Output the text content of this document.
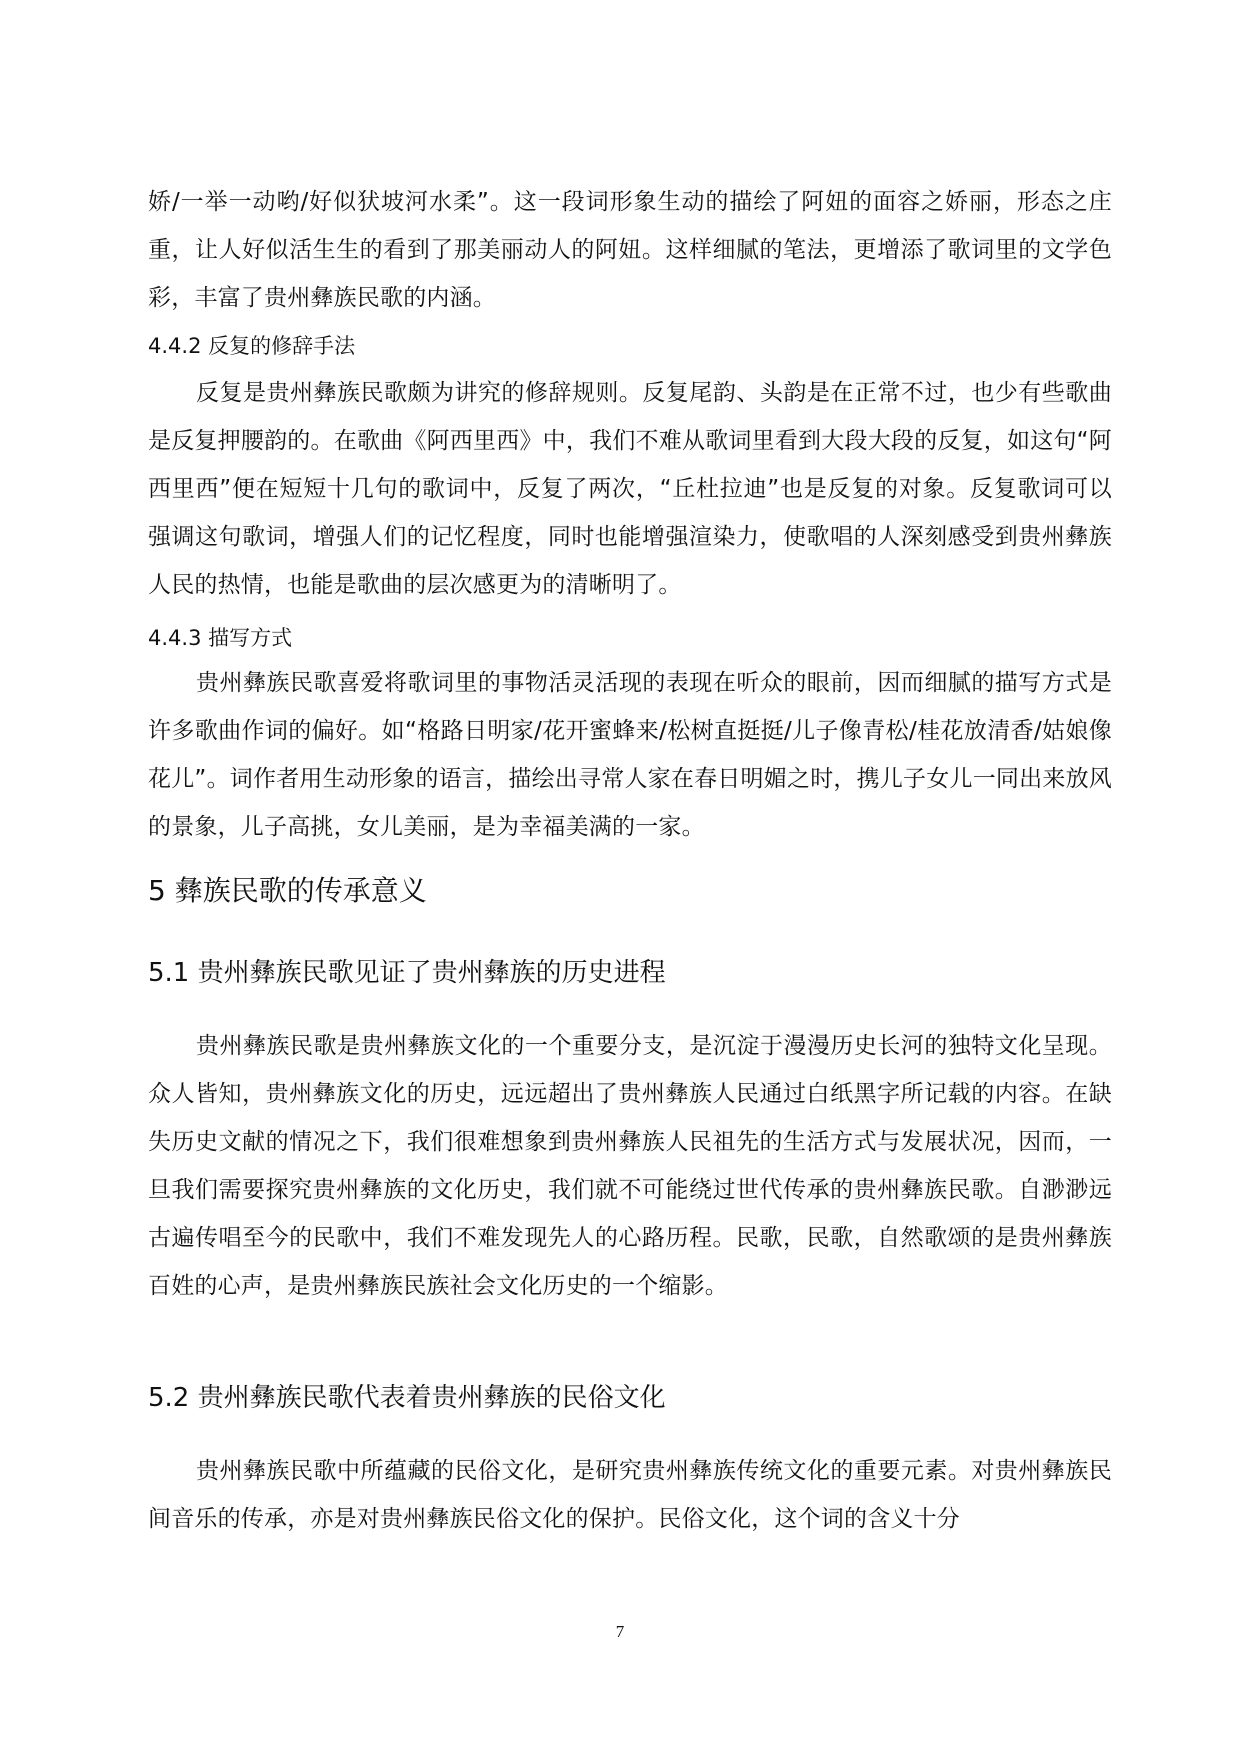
娇/一举一动哟/好似犾坡河水柔”。这一段词形象生动的描绘了阿妞的面容之娇丽，形态之庄重，让人好似活生生的看到了那美丽动人的阿妞。这样细腻的笔法，更增添了歌词里的文学色彩，丰富了贵州彝族民歌的内涵。

4.4.2 反复的修辞手法

反复是贵州彝族民歌颇为讲究的修辞规则。反复尾韵、头韵是在正常不过，也少有些歌曲是反复押腰韵的。在歌曲《阿西里西》中，我们不难从歌词里看到大段大段的反复，如这句“阿西里西”便在短短十几句的歌词中，反复了两次，“丘杜拉迪”也是反复的对象。反复歌词可以强调这句歌词，增强人们的记忆程度，同时也能增强渲染力，使歌唱的人深刻感受到贵州彝族人民的热情，也能是歌曲的层次感更为的清晰明了。

4.4.3 描写方式

贵州彝族民歌喜爱将歌词里的事物活灵活现的表现在听众的眼前，因而细腻的描写方式是许多歌曲作词的偏好。如“格路日明家/花开蜜蜂来/松树直挺挺/儿子像青松/桂花放清香/姑娘像花儿”。词作者用生动形象的语言，描绘出寻常人家在春日明媚之时，携儿子女儿一同出来放风的景象，儿子高挑，女儿美丽，是为幸福美满的一家。

5 彝族民歌的传承意义
5.1 贵州彝族民歌见证了贵州彝族的历史进程

贵州彝族民歌是贵州彝族文化的一个重要分支，是沉淀于漫漫历史长河的独特文化呈现。众人皆知，贵州彝族文化的历史，远远超出了贵州彝族人民通过白纸黑字所记载的内容。在缺失历史文献的情况之下，我们很难想象到贵州彝族人民祖先的生活方式与发展状况，因而，一旦我们需要探究贵州彝族的文化历史，我们就不可能绕过世代传承的贵州彝族民歌。自渺渺远古遍传唱至今的民歌中，我们不难发现先人的心路历程。民歌，民歌，自然歌颂的是贵州彝族百姓的心声，是贵州彝族民族社会文化历史的一个缩影。

5.2 贵州彝族民歌代表着贵州彝族的民俗文化

贵州彝族民歌中所蕴藏的民俗文化，是研究贵州彝族传统文化的重要元素。对贵州彝族民间音乐的传承，亦是对贵州彝族民俗文化的保护。民俗文化，这个词的含义十分

7
